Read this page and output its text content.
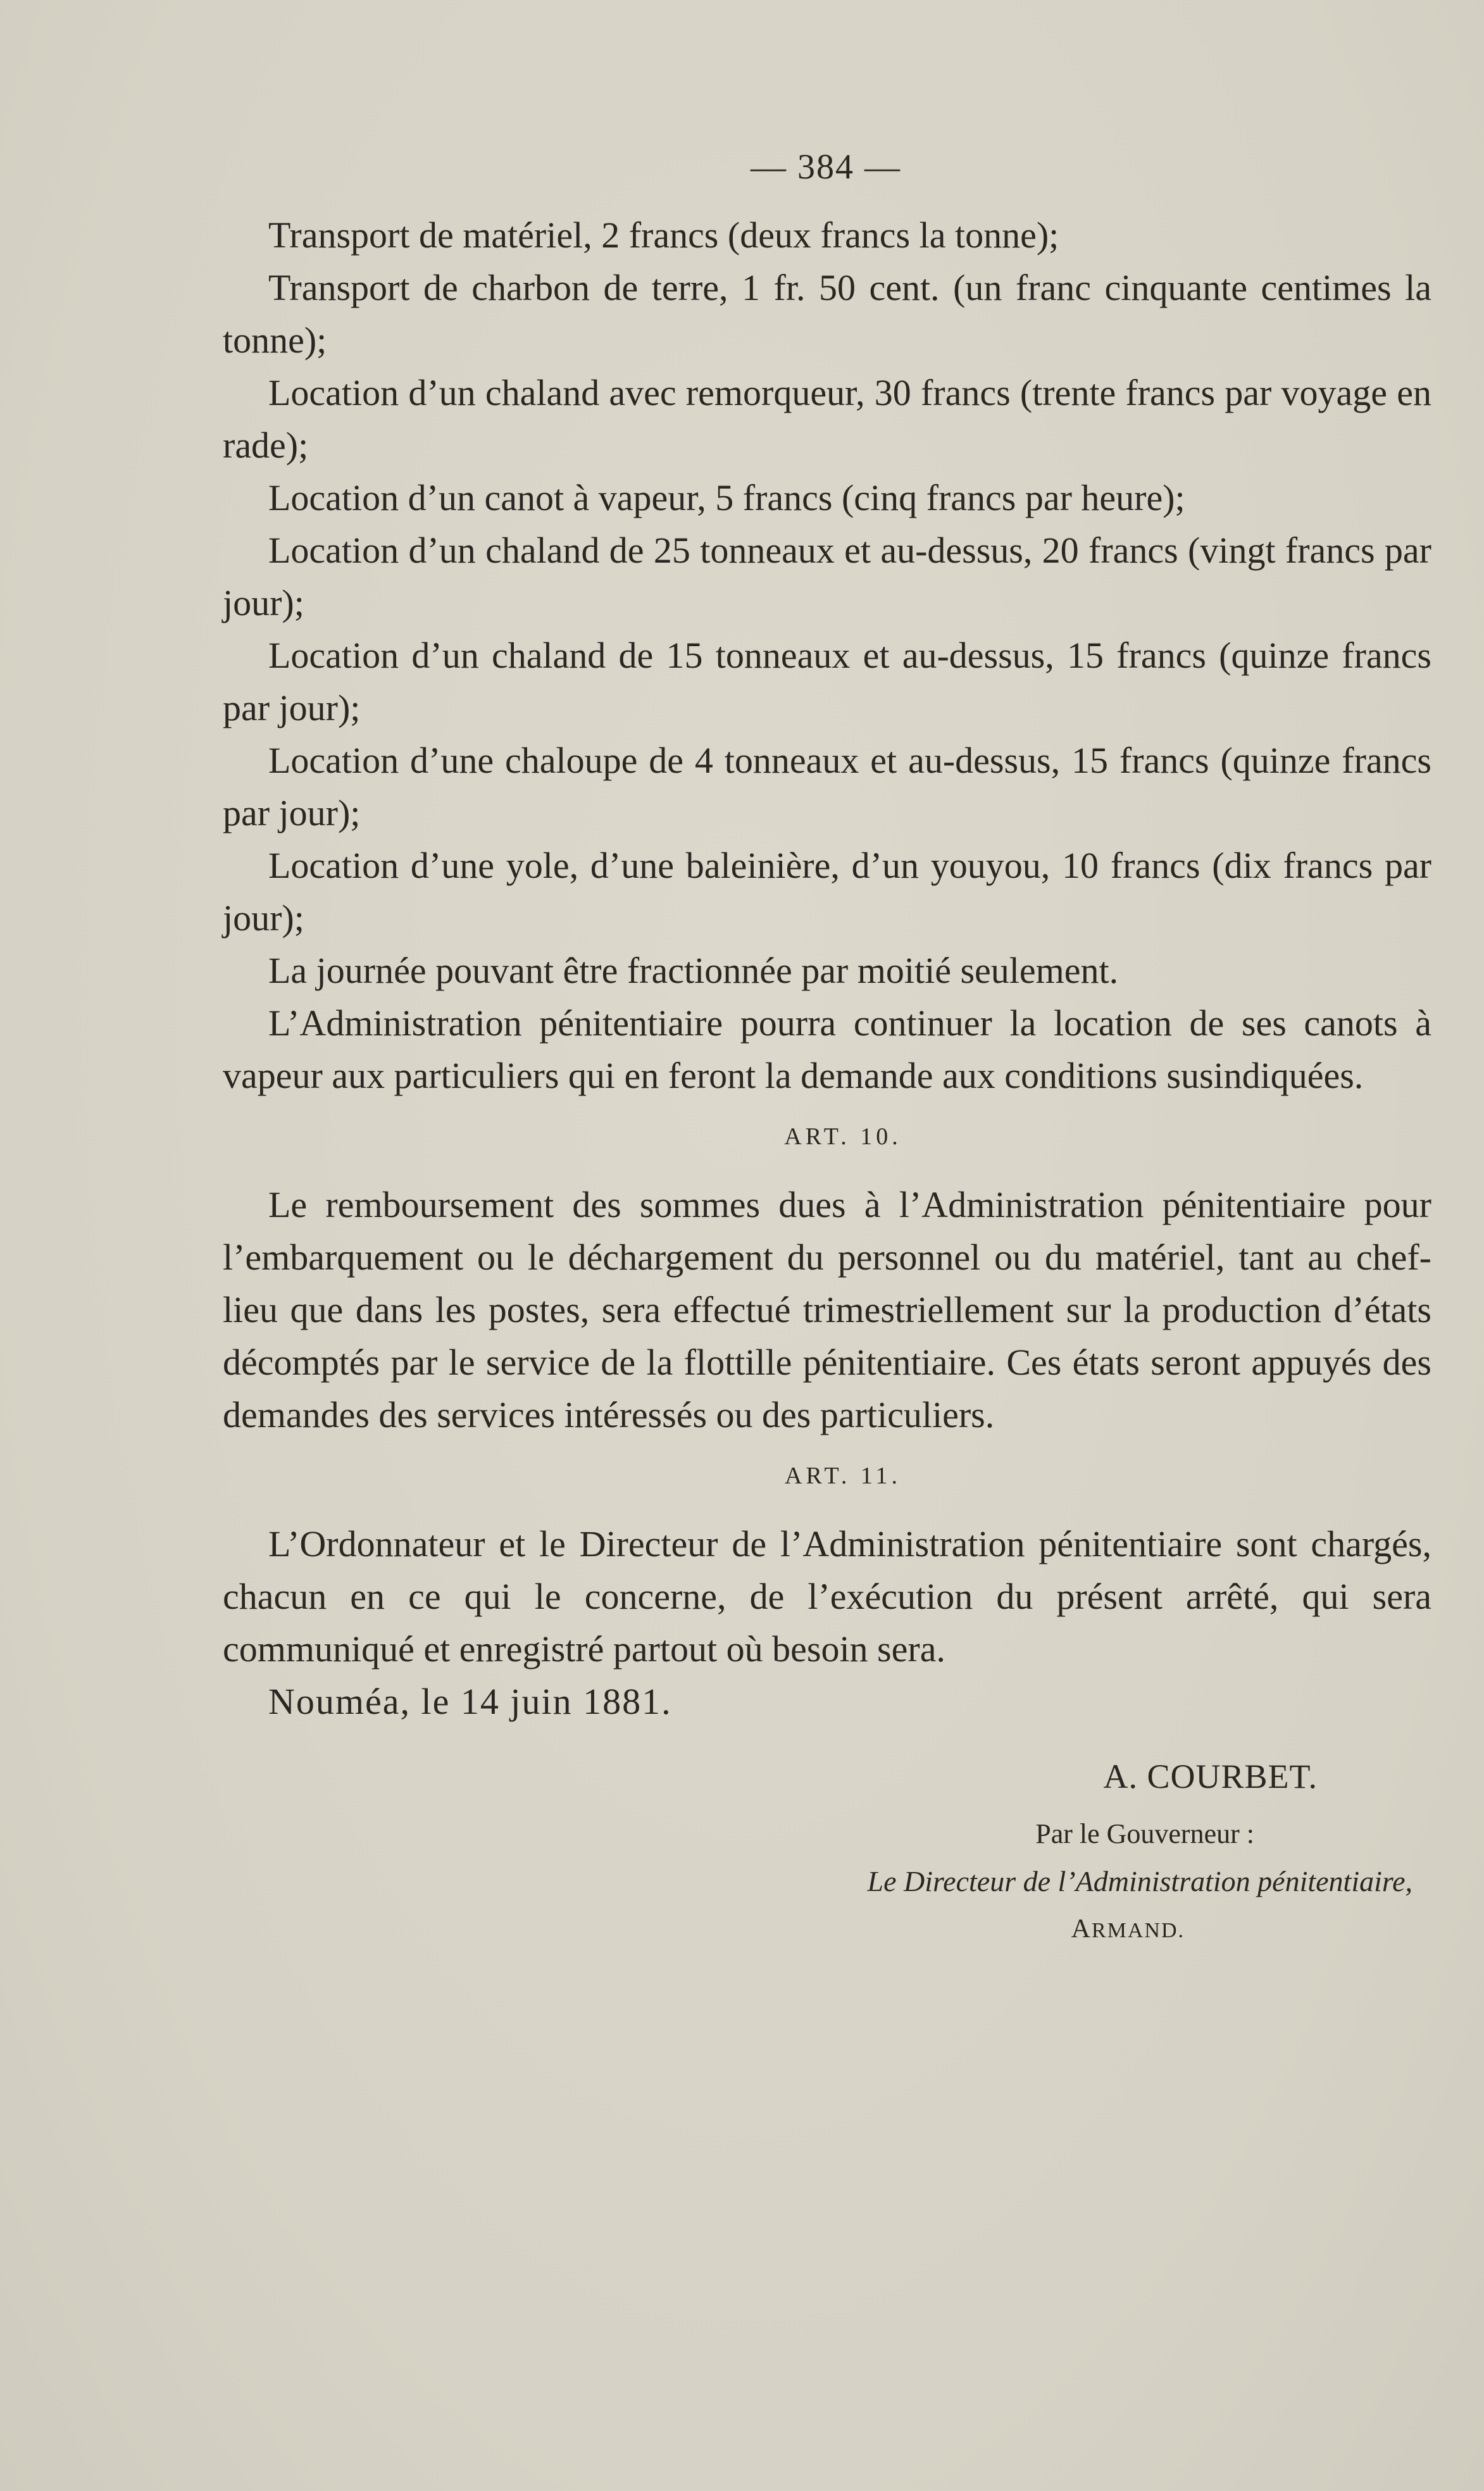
— 384 —

Transport de matériel, 2 francs (deux francs la tonne);

Transport de charbon de terre, 1 fr. 50 cent. (un franc cinquante centimes la tonne);

Location d’un chaland avec remorqueur, 30 francs (trente francs par voyage en rade);

Location d’un canot à vapeur, 5 francs (cinq francs par heure);

Location d’un chaland de 25 tonneaux et au-dessus, 20 francs (vingt francs par jour);

Location d’un chaland de 15 tonneaux et au-dessus, 15 francs (quinze francs par jour);

Location d’une chaloupe de 4 tonneaux et au-dessus, 15 francs (quinze francs par jour);

Location d’une yole, d’une baleinière, d’un youyou, 10 francs (dix francs par jour);

La journée pouvant être fractionnée par moitié seulement.

L’Administration pénitentiaire pourra continuer la location de ses canots à vapeur aux particuliers qui en feront la demande aux conditions susindiquées.

ART. 10.

Le remboursement des sommes dues à l’Administration pénitentiaire pour l’embarquement ou le déchargement du personnel ou du matériel, tant au chef-lieu que dans les postes, sera effectué trimestriellement sur la production d’états décomptés par le service de la flottille pénitentiaire. Ces états seront appuyés des demandes des services intéressés ou des particuliers.

ART. 11.

L’Ordonnateur et le Directeur de l’Administration pénitentiaire sont chargés, chacun en ce qui le concerne, de l’exécution du présent arrêté, qui sera communiqué et enregistré partout où besoin sera.

Nouméa, le 14 juin 1881.

A. COURBET.
Par le Gouverneur :
Le Directeur de l’Administration pénitentiaire,
ARMAND.
